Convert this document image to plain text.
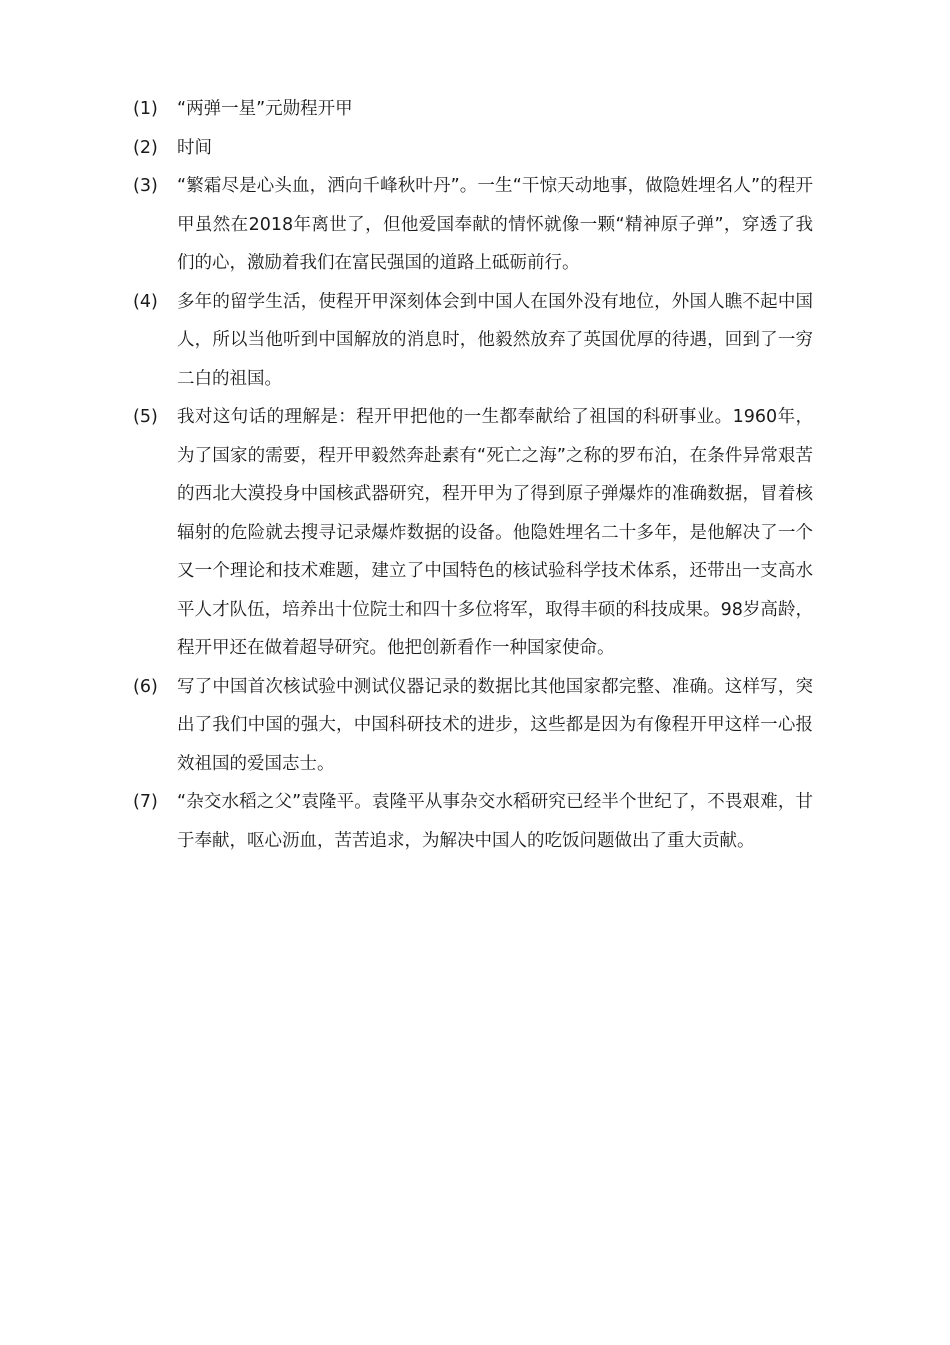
(1)	“两弹一星”元勋程开甲
(2)	时间
(3)	“繁霜尽是心头血，洒向千峰秋叶丹”。一生“干惊天动地事，做隐姓埋名人”的程开甲虽然在2018年离世了，但他爱国奉献的情怀就像一颗“精神原子弹”，穿透了我们的心，激励着我们在富民强国的道路上砥砺前行。
(4)	多年的留学生活，使程开甲深刻体会到中国人在国外没有地位，外国人瞧不起中国人，所以当他听到中国解放的消息时，他毅然放弃了英国优厚的待遇，回到了一穷二白的祖国。
(5)	我对这句话的理解是：程开甲把他的一生都奉献给了祖国的科研事业。1960年，为了国家的需要，程开甲毅然奔赴素有“死亡之海”之称的罗布泊，在条件异常艰苦的西北大漠投身中国核武器研究，程开甲为了得到原子弹爆炸的准确数据，冒着核辐射的危险就去搜寻记录爆炸数据的设备。他隐姓埋名二十多年，是他解决了一个又一个理论和技术难题，建立了中国特色的核试验科学技术体系，还带出一支高水平人才队伍，培养出十位院士和四十多位将军，取得丰硕的科技成果。98岁高龄，程开甲还在做着超导研究。他把创新看作一种国家使命。
(6)	写了中国首次核试验中测试仪器记录的数据比其他国家都完整、准确。这样写，突出了我们中国的强大，中国科研技术的进步，这些都是因为有像程开甲这样一心报效祖国的爱国志士。
(7)	“杂交水稻之父”袁隆平。袁隆平从事杂交水稻研究已经半个世纪了，不畏艰难，甘于奉献，呕心沥血，苦苦追求，为解决中国人的吃饭问题做出了重大贡献。
